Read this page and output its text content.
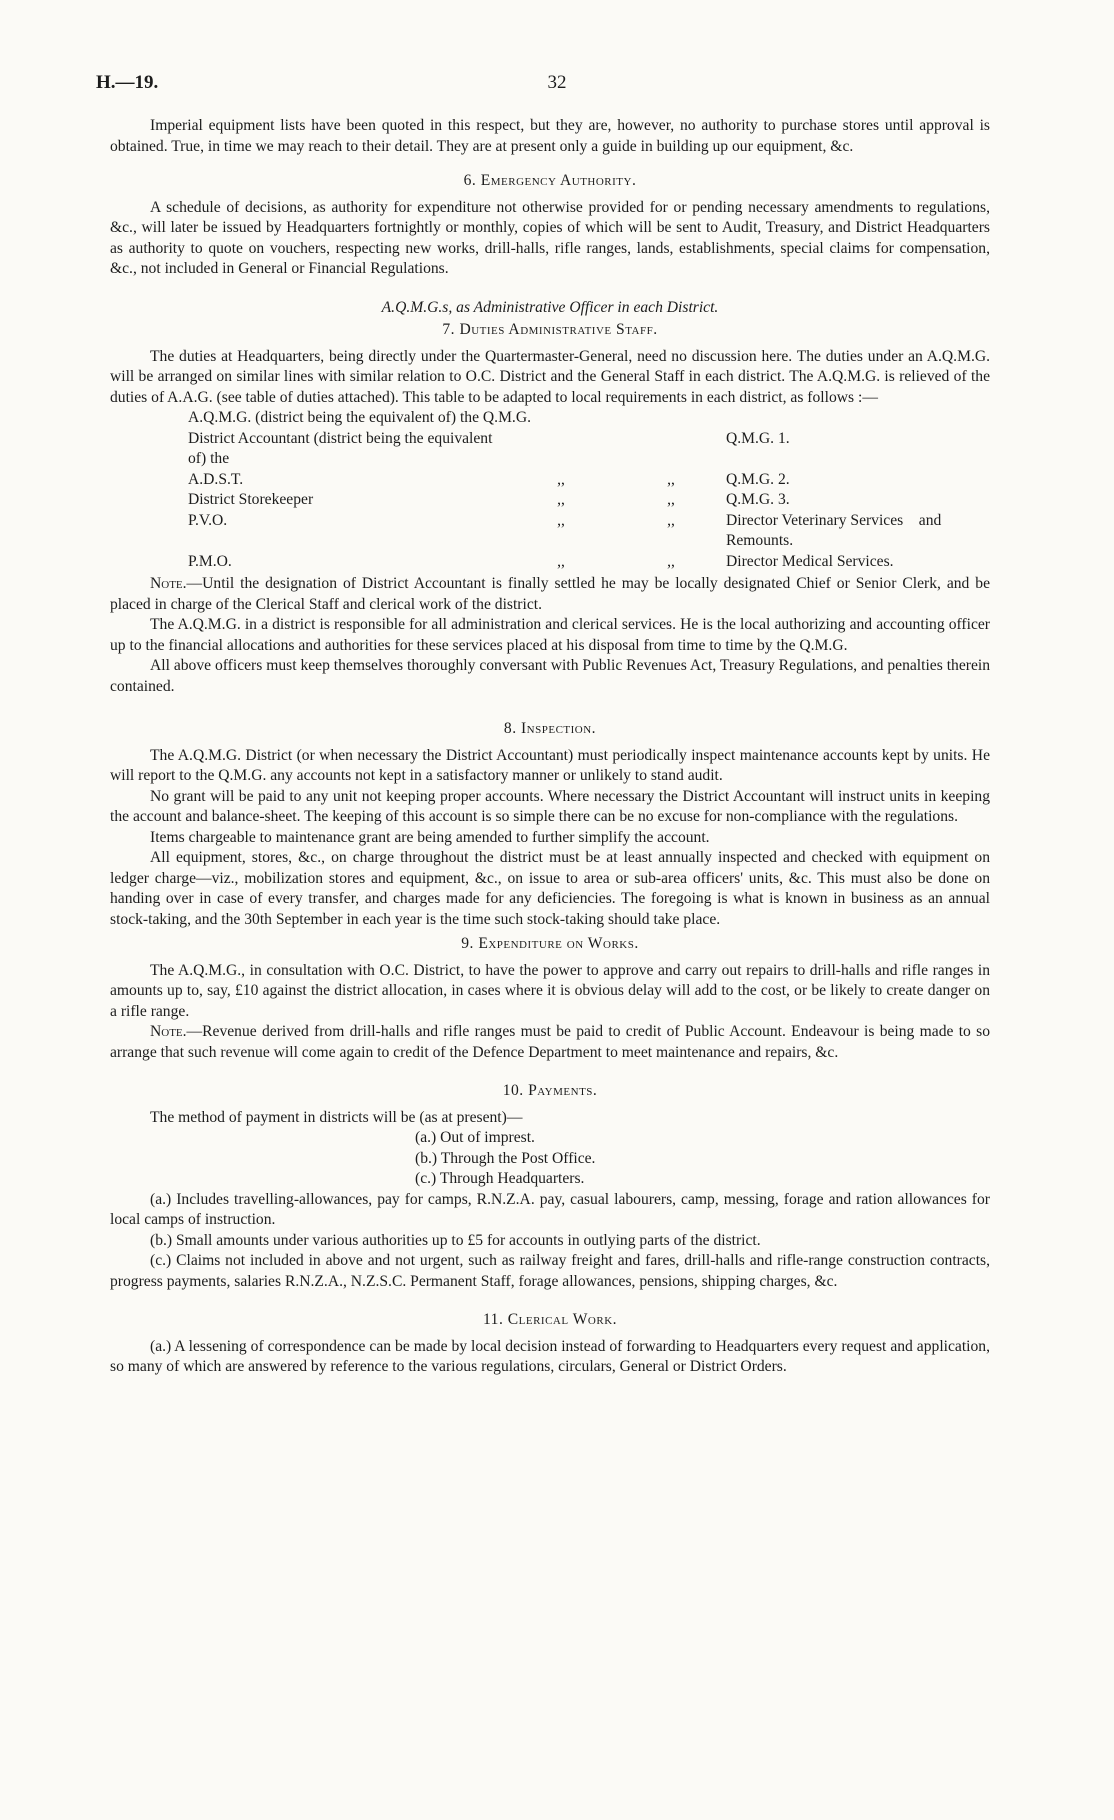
H.—19.	32

Imperial equipment lists have been quoted in this respect, but they are, however, no authority to purchase stores until approval is obtained. True, in time we may reach to their detail. They are at present only a guide in building up our equipment, &c.

6. Emergency Authority.

A schedule of decisions, as authority for expenditure not otherwise provided for or pending necessary amendments to regulations, &c., will later be issued by Headquarters fortnightly or monthly, copies of which will be sent to Audit, Treasury, and District Headquarters as authority to quote on vouchers, respecting new works, drill-halls, rifle ranges, lands, establishments, special claims for compensation, &c., not included in General or Financial Regulations.

A.Q.M.G.s, as Administrative Officer in each District.
7. Duties Administrative Staff.

The duties at Headquarters, being directly under the Quartermaster-General, need no discussion here. The duties under an A.Q.M.G. will be arranged on similar lines with similar relation to O.C. District and the General Staff in each district. The A.Q.M.G. is relieved of the duties of A.A.G. (see table of duties attached). This table to be adapted to local requirements in each district, as follows :—

A.Q.M.G. (district being the equivalent of) the Q.M.G.
District Accountant (district being the equivalent of) the			Q.M.G. 1.
A.D.S.T.	,,	,,	Q.M.G. 2.
District Storekeeper	,,	,,	Q.M.G. 3.
P.V.O.	,,	,,	Director Veterinary Services    and Remounts.
P.M.O.	,,	,,	Director Medical Services.

Note.—Until the designation of District Accountant is finally settled he may be locally designated Chief or Senior Clerk, and be placed in charge of the Clerical Staff and clerical work of the district.

The A.Q.M.G. in a district is responsible for all administration and clerical services. He is the local authorizing and accounting officer up to the financial allocations and authorities for these services placed at his disposal from time to time by the Q.M.G.

All above officers must keep themselves thoroughly conversant with Public Revenues Act, Treasury Regulations, and penalties therein contained.

8. Inspection.

The A.Q.M.G. District (or when necessary the District Accountant) must periodically inspect maintenance accounts kept by units. He will report to the Q.M.G. any accounts not kept in a satisfactory manner or unlikely to stand audit.

No grant will be paid to any unit not keeping proper accounts. Where necessary the District Accountant will instruct units in keeping the account and balance-sheet. The keeping of this account is so simple there can be no excuse for non-compliance with the regulations.

Items chargeable to maintenance grant are being amended to further simplify the account.

All equipment, stores, &c., on charge throughout the district must be at least annually inspected and checked with equipment on ledger charge—viz., mobilization stores and equipment, &c., on issue to area or sub-area officers' units, &c. This must also be done on handing over in case of every transfer, and charges made for any deficiencies. The foregoing is what is known in business as an annual stock-taking, and the 30th September in each year is the time such stock-taking should take place.

9. Expenditure on Works.

The A.Q.M.G., in consultation with O.C. District, to have the power to approve and carry out repairs to drill-halls and rifle ranges in amounts up to, say, £10 against the district allocation, in cases where it is obvious delay will add to the cost, or be likely to create danger on a rifle range.

Note.—Revenue derived from drill-halls and rifle ranges must be paid to credit of Public Account. Endeavour is being made to so arrange that such revenue will come again to credit of the Defence Department to meet maintenance and repairs, &c.

10. Payments.

The method of payment in districts will be (as at present)—

(a.) Out of imprest.
(b.) Through the Post Office.
(c.) Through Headquarters.

(a.) Includes travelling-allowances, pay for camps, R.N.Z.A. pay, casual labourers, camp, messing, forage and ration allowances for local camps of instruction.

(b.) Small amounts under various authorities up to £5 for accounts in outlying parts of the district.

(c.) Claims not included in above and not urgent, such as railway freight and fares, drill-halls and rifle-range construction contracts, progress payments, salaries R.N.Z.A., N.Z.S.C. Permanent Staff, forage allowances, pensions, shipping charges, &c.

11. Clerical Work.

(a.) A lessening of correspondence can be made by local decision instead of forwarding to Headquarters every request and application, so many of which are answered by reference to the various regulations, circulars, General or District Orders.
